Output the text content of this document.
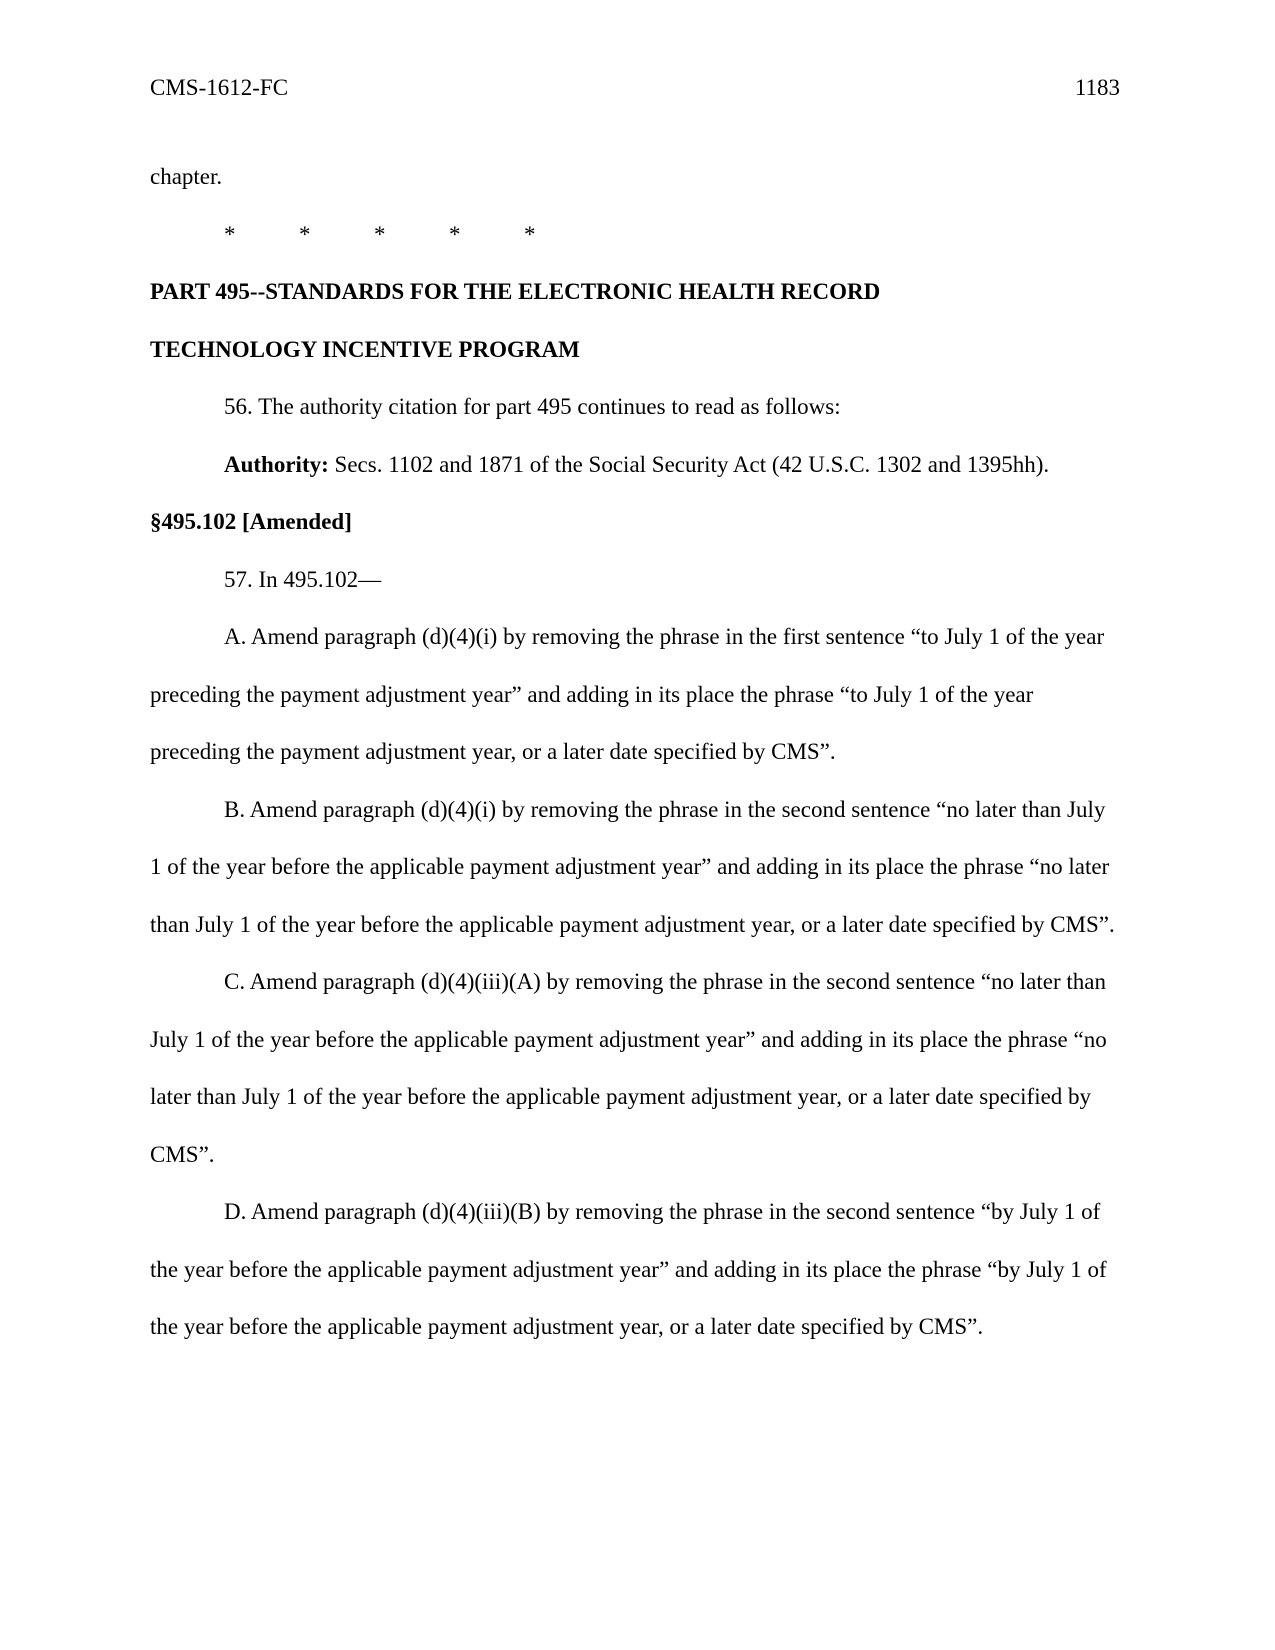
CMS-1612-FC	1183

chapter.

*	*	*	*	*

PART 495--STANDARDS FOR THE ELECTRONIC HEALTH RECORD

TECHNOLOGY INCENTIVE PROGRAM

56. The authority citation for part 495 continues to read as follows:

Authority: Secs. 1102 and 1871 of the Social Security Act (42 U.S.C. 1302 and 1395hh).

§495.102 [Amended]

57. In 495.102—

A. Amend paragraph (d)(4)(i) by removing the phrase in the first sentence “to July 1 of the year preceding the payment adjustment year” and adding in its place the phrase “to July 1 of the year preceding the payment adjustment year, or a later date specified by CMS”.

B. Amend paragraph (d)(4)(i) by removing the phrase in the second sentence “no later than July 1 of the year before the applicable payment adjustment year” and adding in its place the phrase “no later than July 1 of the year before the applicable payment adjustment year, or a later date specified by CMS”.

C. Amend paragraph (d)(4)(iii)(A) by removing the phrase in the second sentence “no later than July 1 of the year before the applicable payment adjustment year” and adding in its place the phrase “no later than July 1 of the year before the applicable payment adjustment year, or a later date specified by CMS”.

D. Amend paragraph (d)(4)(iii)(B) by removing the phrase in the second sentence “by July 1 of the year before the applicable payment adjustment year” and adding in its place the phrase “by July 1 of the year before the applicable payment adjustment year, or a later date specified by CMS”.
